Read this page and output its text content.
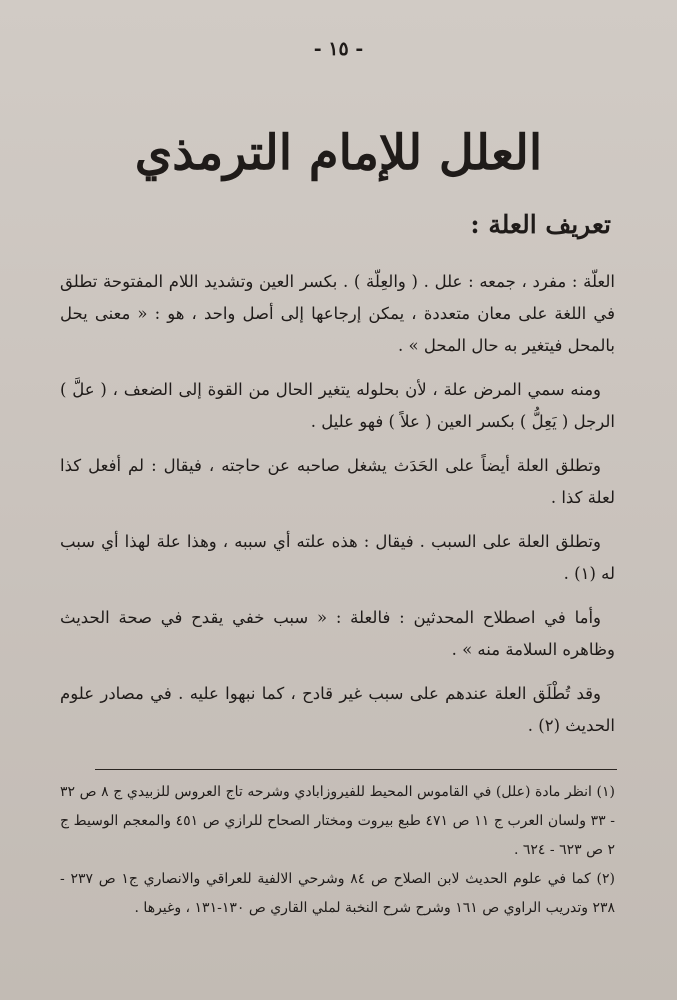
- ١٥ -
العلل للإمام الترمذي
تعريف العلة :

العلّة : مفرد ، جمعه : علل . ( والعِلّة ) . بكسر العين وتشديد اللام المفتوحة تطلق في اللغة على معان متعددة ، يمكن إرجاعها إلى أصل واحد ، هو : « معنى يحل بالمحل فيتغير به حال المحل » .

ومنه سمي المرض علة ، لأن بحلوله يتغير الحال من القوة إلى الضعف ، ( علَّ ) الرجل ( يَعِلُّ ) بكسر العين ( علاً ) فهو عليل .

وتطلق العلة أيضاً على الحَدَث يشغل صاحبه عن حاجته ، فيقال : لم أفعل كذا لعلة كذا .

وتطلق العلة على السبب . فيقال : هذه علته أي سببه ، وهذا علة لهذا أي سبب له (١) .

وأما في اصطلاح المحدثين : فالعلة : « سبب خفي يقدح في صحة الحديث وظاهره السلامة منه » .

وقد تُطْلَق العلة عندهم على سبب غير قادح ، كما نبهوا عليه . في مصادر علوم الحديث (٢) .

(١) انظر مادة (علل) في القاموس المحيط للفيروزابادي وشرحه تاج العروس للزبيدي ج ٨ ص ٣٢ - ٣٣ ولسان العرب ج ١١ ص ٤٧١ طبع بيروت ومختار الصحاح للرازي ص ٤٥١ والمعجم الوسيط ج ٢ ص ٦٢٣ - ٦٢٤ .

(٢) كما في علوم الحديث لابن الصلاح ص ٨٤ وشرحي الالفية للعراقي والانصاري ج١ ص ٢٣٧ - ٢٣٨ وتدريب الراوي ص ١٦١ وشرح شرح النخبة لملي القاري ص ١٣٠-١٣١ ، وغيرها .
